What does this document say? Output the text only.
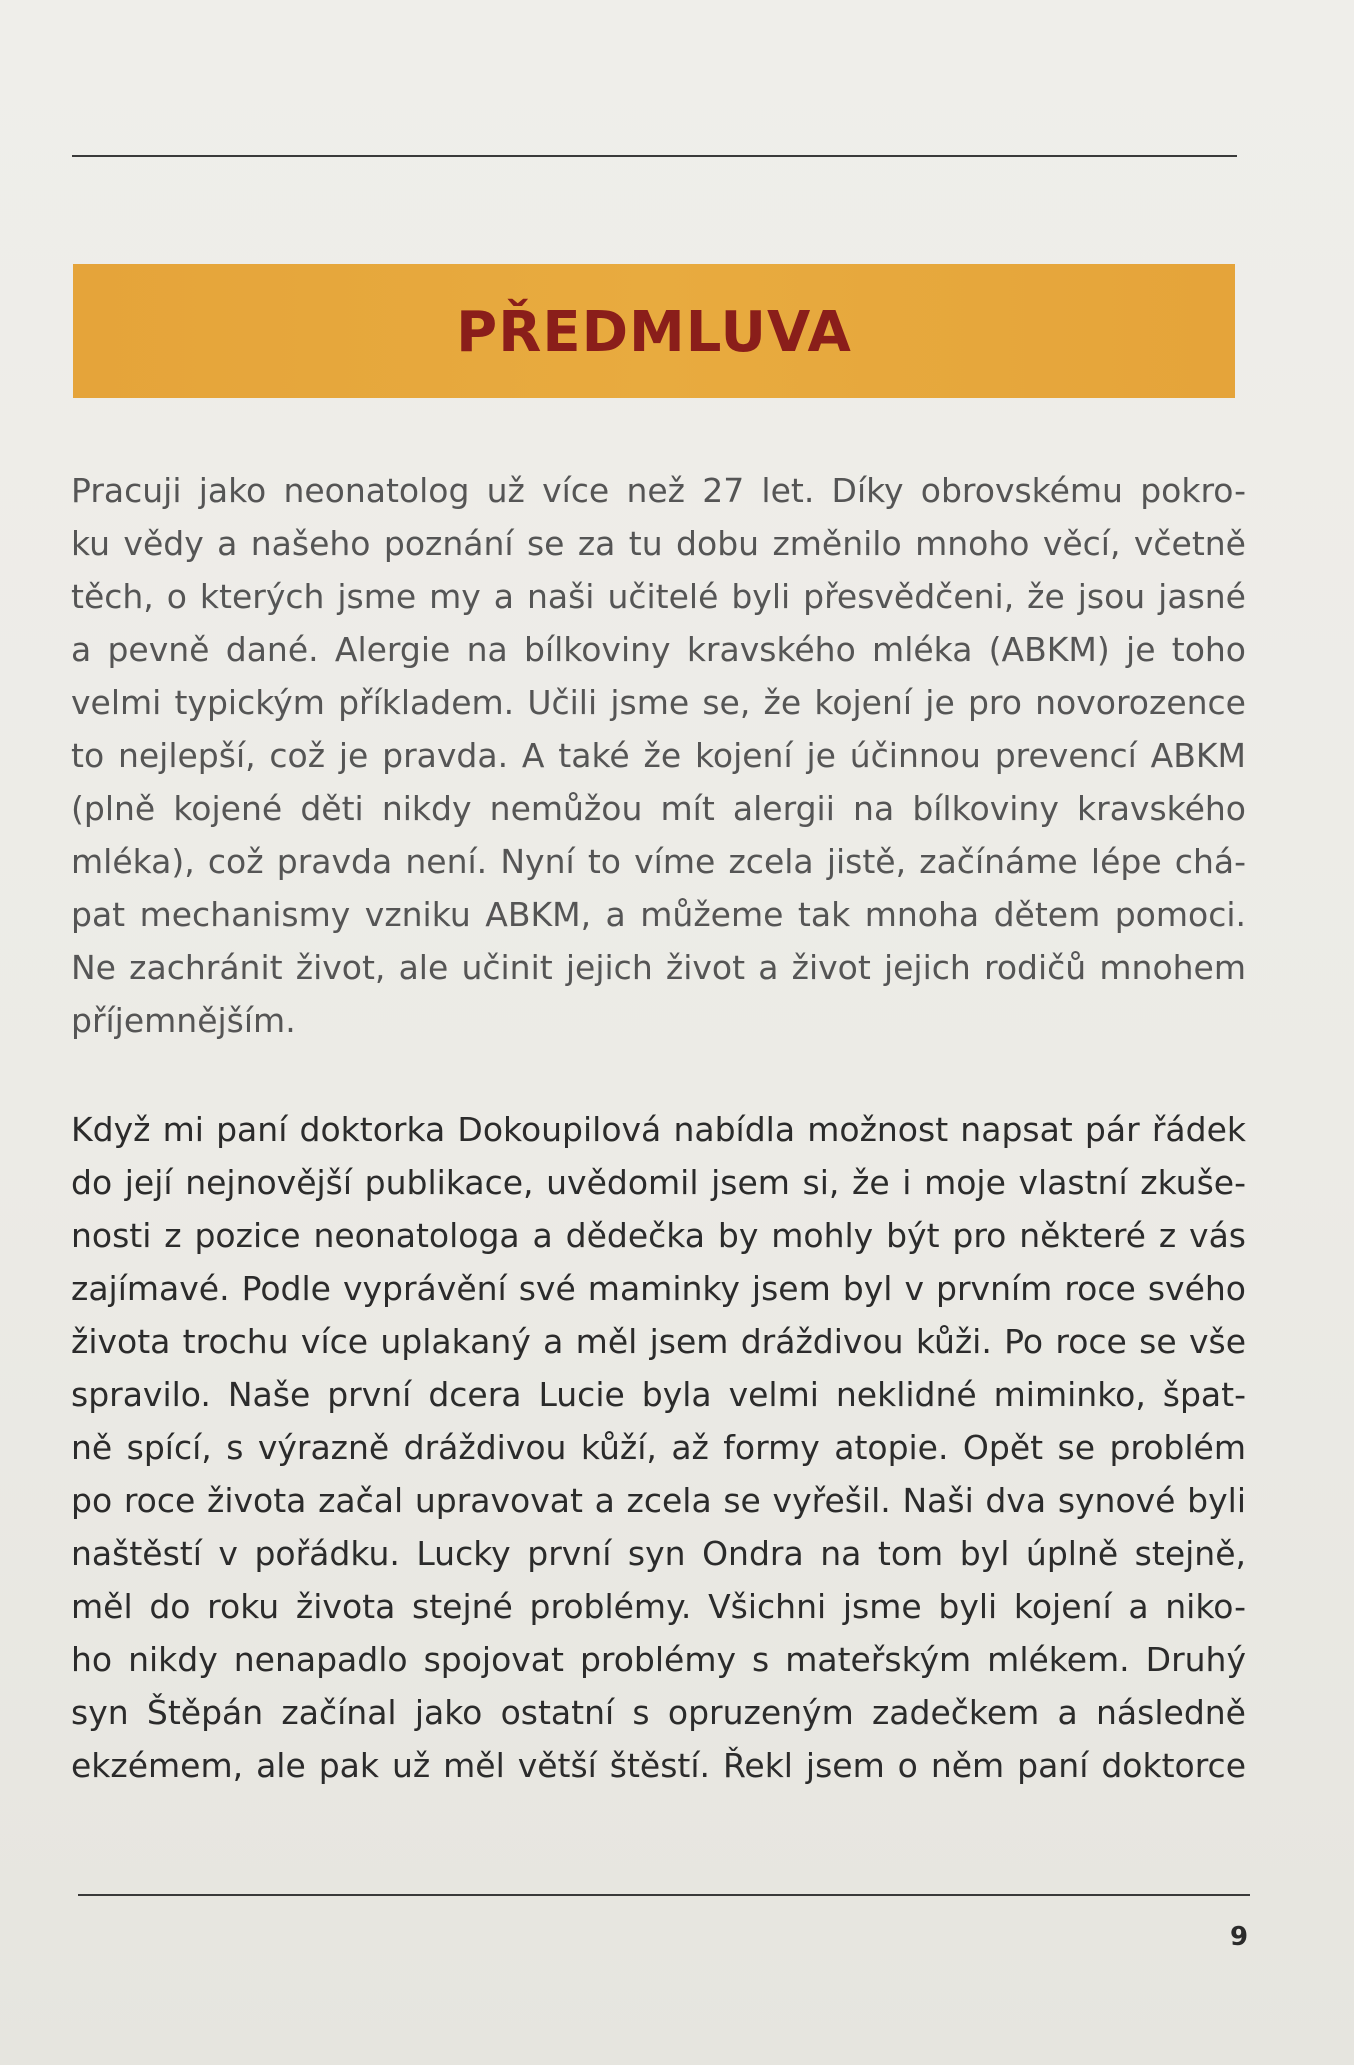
PŘEDMLUVA

Pracuji jako neonatolog už více než 27 let. Díky obrovskému pokro-
ku vědy a našeho poznání se za tu dobu změnilo mnoho věcí, včetně
těch, o kterých jsme my a naši učitelé byli přesvědčeni, že jsou jasné
a pevně dané. Alergie na bílkoviny kravského mléka (ABKM) je toho
velmi typickým příkladem. Učili jsme se, že kojení je pro novorozence
to nejlepší, což je pravda. A také že kojení je účinnou prevencí ABKM
(plně kojené děti nikdy nemůžou mít alergii na bílkoviny kravského
mléka), což pravda není. Nyní to víme zcela jistě, začínáme lépe chá-
pat mechanismy vzniku ABKM, a můžeme tak mnoha dětem pomoci.
Ne zachránit život, ale učinit jejich život a život jejich rodičů mnohem
příjemnějším.

Když mi paní doktorka Dokoupilová nabídla možnost napsat pár řádek
do její nejnovější publikace, uvědomil jsem si, že i moje vlastní zkuše-
nosti z pozice neonatologa a dědečka by mohly být pro některé z vás
zajímavé. Podle vyprávění své maminky jsem byl v prvním roce svého
života trochu více uplakaný a měl jsem dráždivou kůži. Po roce se vše
spravilo. Naše první dcera Lucie byla velmi neklidné miminko, špat-
ně spící, s výrazně dráždivou kůží, až formy atopie. Opět se problém
po roce života začal upravovat a zcela se vyřešil. Naši dva synové byli
naštěstí v pořádku. Lucky první syn Ondra na tom byl úplně stejně,
měl do roku života stejné problémy. Všichni jsme byli kojení a niko-
ho nikdy nenapadlo spojovat problémy s mateřským mlékem. Druhý
syn Štěpán začínal jako ostatní s opruzeným zadečkem a následně
ekzémem, ale pak už měl větší štěstí. Řekl jsem o něm paní doktorce

9
